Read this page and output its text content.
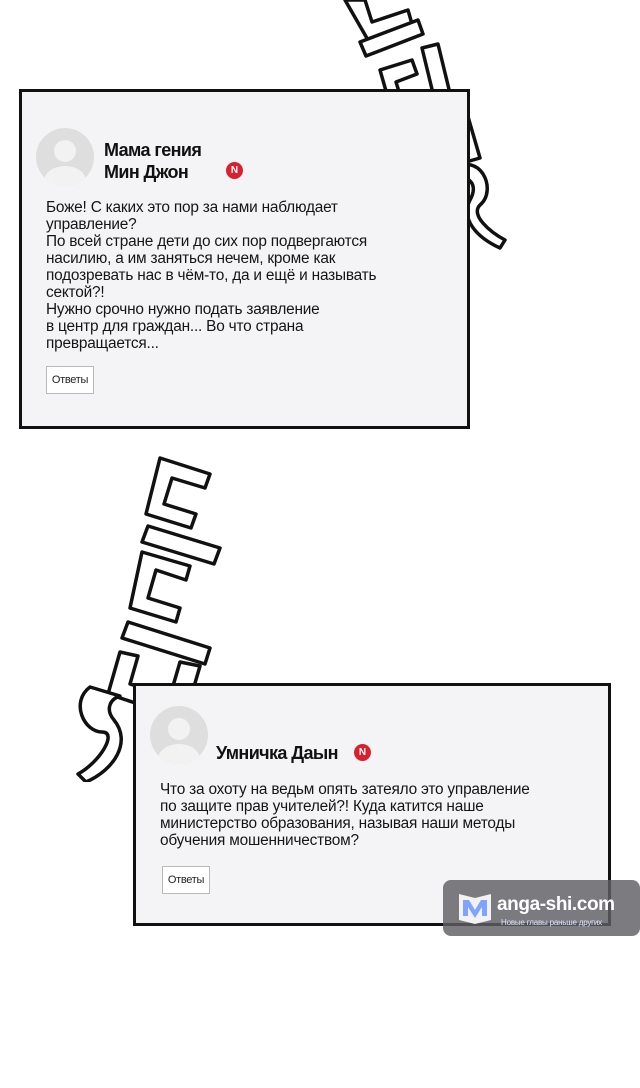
Мама гения
Мин Джон	N
Боже! С каких это пор за нами наблюдает
управление?
По всей стране дети до сих пор подвергаются
насилию, а им заняться нечем, кроме как
подозревать нас в чём-то, да и ещё и называть
сектой?!
Нужно срочно нужно подать заявление
в центр для граждан... Во что страна
превращается...
Ответы
Умничка Даын	N
Что за охоту на ведьм опять затеяло это управление
по защите прав учителей?! Куда катится наше
министерство образования, называя наши методы
обучения мошенничеством?
Ответы
anga-shi.com
Новые главы раньше других
